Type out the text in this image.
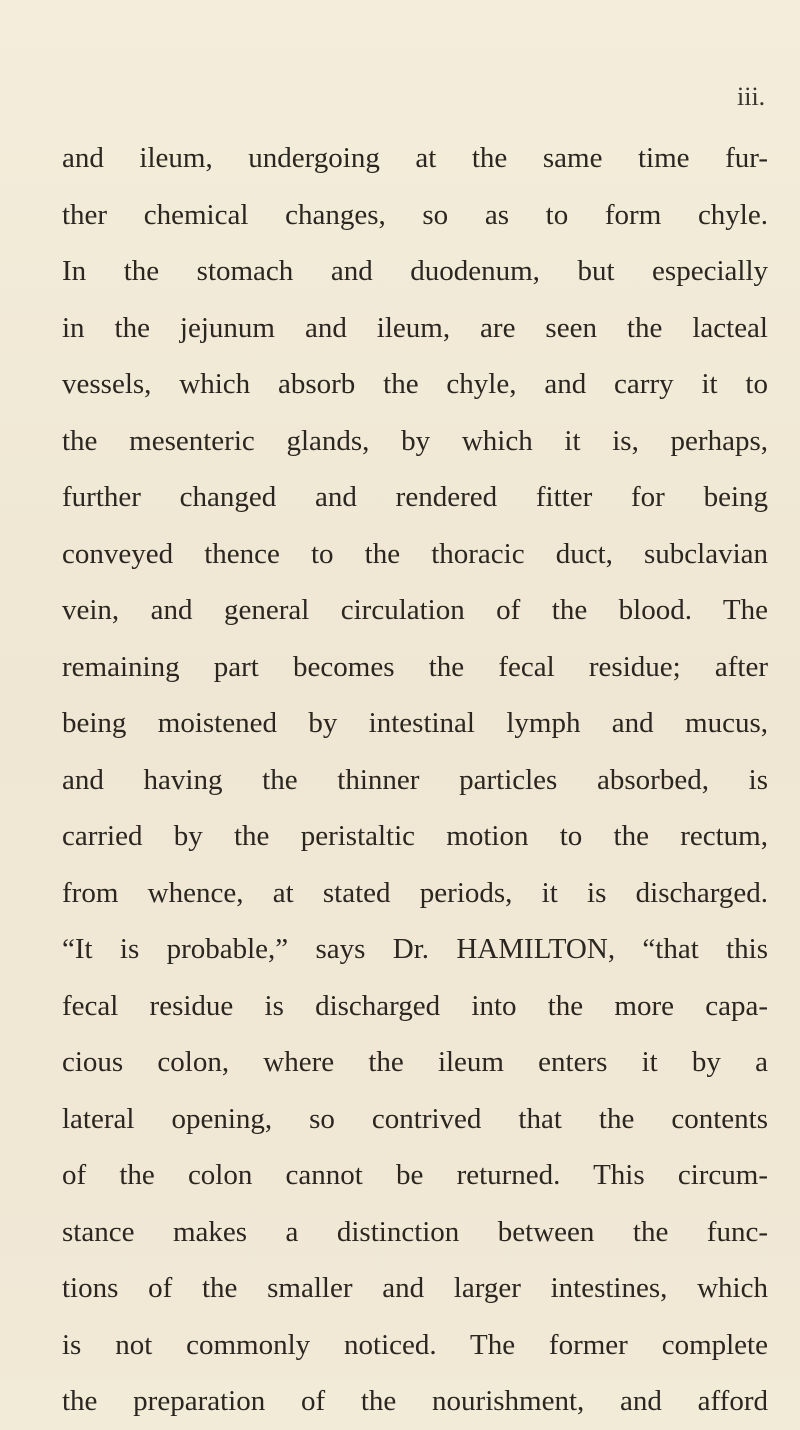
iii.
and ileum, undergoing at the same time fur-
ther chemical changes, so as to form chyle.
In the stomach and duodenum, but especially
in the jejunum and ileum, are seen the lacteal
vessels, which absorb the chyle, and carry it to
the mesenteric glands, by which it is, perhaps,
further changed and rendered fitter for being
conveyed thence to the thoracic duct, subclavian
vein, and general circulation of the blood. The
remaining part becomes the fecal residue; after
being moistened by intestinal lymph and mucus,
and having the thinner particles absorbed, is
carried by the peristaltic motion to the rectum,
from whence, at stated periods, it is discharged.
“It is probable,” says Dr. HAMILTON, “that this
fecal residue is discharged into the more capa-
cious colon, where the ileum enters it by a
lateral opening, so contrived that the contents
of the colon cannot be returned. This circum-
stance makes a distinction between the func-
tions of the smaller and larger intestines, which
is not commonly noticed. The former complete
the preparation of the nourishment, and afford
